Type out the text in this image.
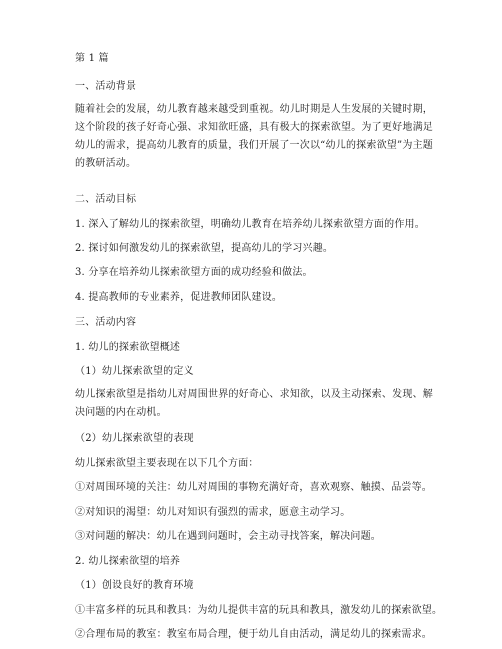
第 1 篇
一、活动背景
随着社会的发展，幼儿教育越来越受到重视。幼儿时期是人生发展的关键时期，这个阶段的孩子好奇心强、求知欲旺盛，具有极大的探索欲望。为了更好地满足幼儿的需求，提高幼儿教育的质量，我们开展了一次以“幼儿的探索欲望”为主题的教研活动。
二、活动目标
1. 深入了解幼儿的探索欲望，明确幼儿教育在培养幼儿探索欲望方面的作用。
2. 探讨如何激发幼儿的探索欲望，提高幼儿的学习兴趣。
3. 分享在培养幼儿探索欲望方面的成功经验和做法。
4. 提高教师的专业素养，促进教师团队建设。
三、活动内容
1. 幼儿的探索欲望概述
（1）幼儿探索欲望的定义
幼儿探索欲望是指幼儿对周围世界的好奇心、求知欲，以及主动探索、发现、解决问题的内在动机。
（2）幼儿探索欲望的表现
幼儿探索欲望主要表现在以下几个方面：
①对周围环境的关注：幼儿对周围的事物充满好奇，喜欢观察、触摸、品尝等。
②对知识的渴望：幼儿对知识有强烈的需求，愿意主动学习。
③对问题的解决：幼儿在遇到问题时，会主动寻找答案，解决问题。
2. 幼儿探索欲望的培养
（1）创设良好的教育环境
①丰富多样的玩具和教具：为幼儿提供丰富的玩具和教具，激发幼儿的探索欲望。
②合理布局的教室：教室布局合理，便于幼儿自由活动，满足幼儿的探索需求。
